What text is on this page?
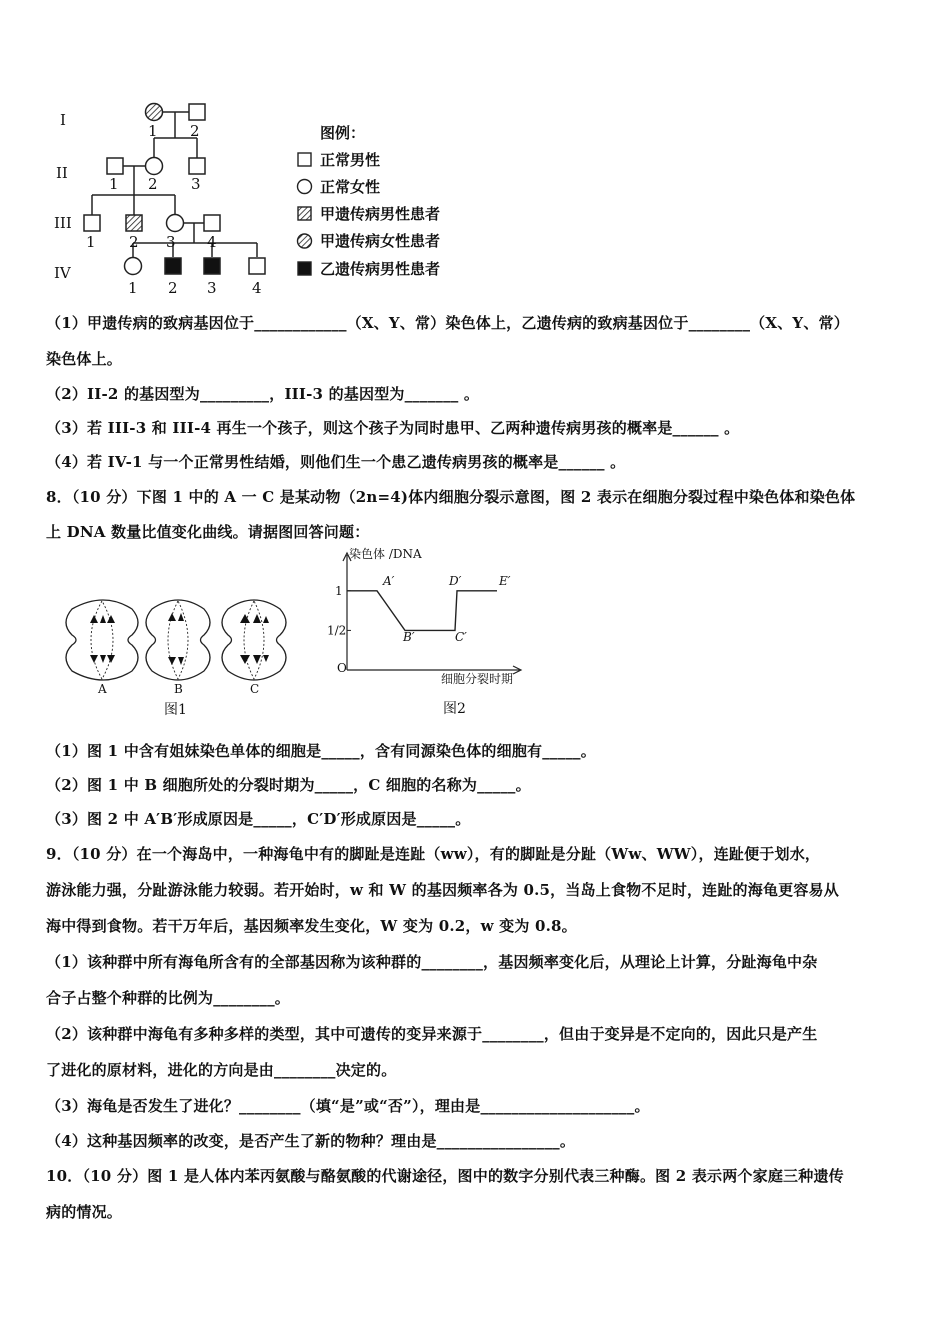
I
II
III
IV
1 2
1 2 3
1 2 3 4
1 2 3 4
图例：
正常男性
正常女性
甲遗传病男性患者
甲遗传病女性患者
乙遗传病男性患者
（1）甲遗传病的致病基因位于____________（X、Y、常）染色体上，乙遗传病的致病基因位于________（X、Y、常）
染色体上。
（2）II-2 的基因型为_________，III-3 的基因型为_______ 。
（3）若 III-3 和 III-4 再生一个孩子，则这个孩子为同时患甲、乙两种遗传病男孩的概率是______ 。
（4）若 IV-1 与一个正常男性结婚，则他们生一个患乙遗传病男孩的概率是______ 。
8．（10 分）下图 1 中的 A 一 C 是某动物（2n=4)体内细胞分裂示意图，图 2 表示在细胞分裂过程中染色体和染色体
上 DNA 数量比值变化曲线。请据图回答问题：
A	B	C
图1
染色体 /DNA
细胞分裂时期
O
1
1/2
A′
B′	C′
D′	E′
图2
（1）图 1 中含有姐妹染色单体的细胞是_____，含有同源染色体的细胞有_____。
（2）图 1 中 B 细胞所处的分裂时期为_____，C 细胞的名称为_____。
（3）图 2 中 A′B′形成原因是_____，C′D′形成原因是_____。
9．（10 分）在一个海岛中，一种海龟中有的脚趾是连趾（ww），有的脚趾是分趾（Ww、WW），连趾便于划水，
游泳能力强，分趾游泳能力较弱。若开始时，w 和 W 的基因频率各为 0.5，当岛上食物不足时，连趾的海龟更容易从
海中得到食物。若干万年后，基因频率发生变化，W 变为 0.2，w 变为 0.8。
（1）该种群中所有海龟所含有的全部基因称为该种群的________，基因频率变化后，从理论上计算，分趾海龟中杂
合子占整个种群的比例为________。
（2）该种群中海龟有多种多样的类型，其中可遗传的变异来源于________，但由于变异是不定向的，因此只是产生
了进化的原材料，进化的方向是由________决定的。
（3）海龟是否发生了进化？________（填“是”或“否”），理由是____________________。
（4）这种基因频率的改变，是否产生了新的物种？理由是________________。
10．（10 分）图 1 是人体内苯丙氨酸与酪氨酸的代谢途径，图中的数字分别代表三种酶。图 2 表示两个家庭三种遗传
病的情况。
